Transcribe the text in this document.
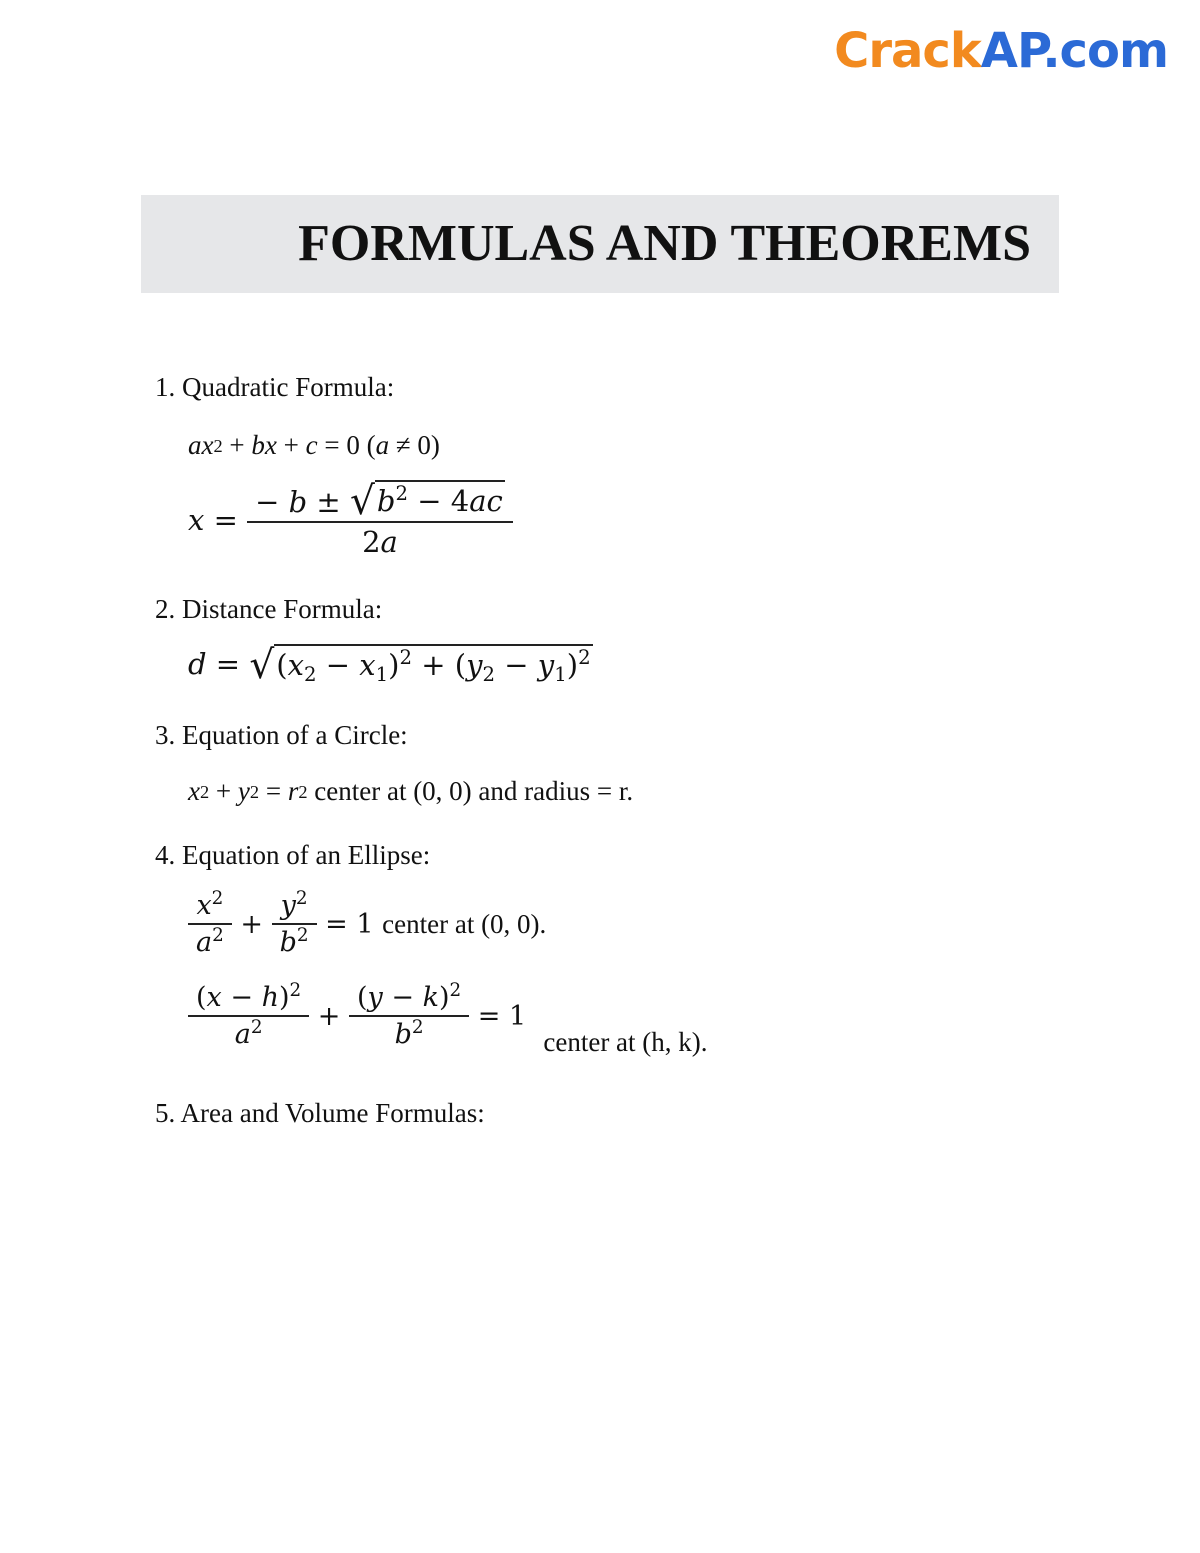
CrackAP.com
FORMULAS AND THEOREMS

1. Quadratic Formula:

ax 2 + bx + c = 0 ( a ≠ 0)
$x = \frac{- b \pm √ b^2 - 4ac}{2a}$

2. Distance Formula:

d = √ $(x_2 - x_1)^2 + (y_2 - y_1)^2$

3. Equation of a Circle:

x 2 + y 2 = r 2
center at (0, 0) and radius = r.

4. Equation of an Ellipse:

$\frac{x^2}{a^2} + \frac{y^2}{b^2} = 1$ center at (0, 0).
$\frac{(x - h)^2}{a^2} + \frac{(y - k)^2}{b^2} = 1$
center at (h, k).

5. Area and Volume Formulas:
